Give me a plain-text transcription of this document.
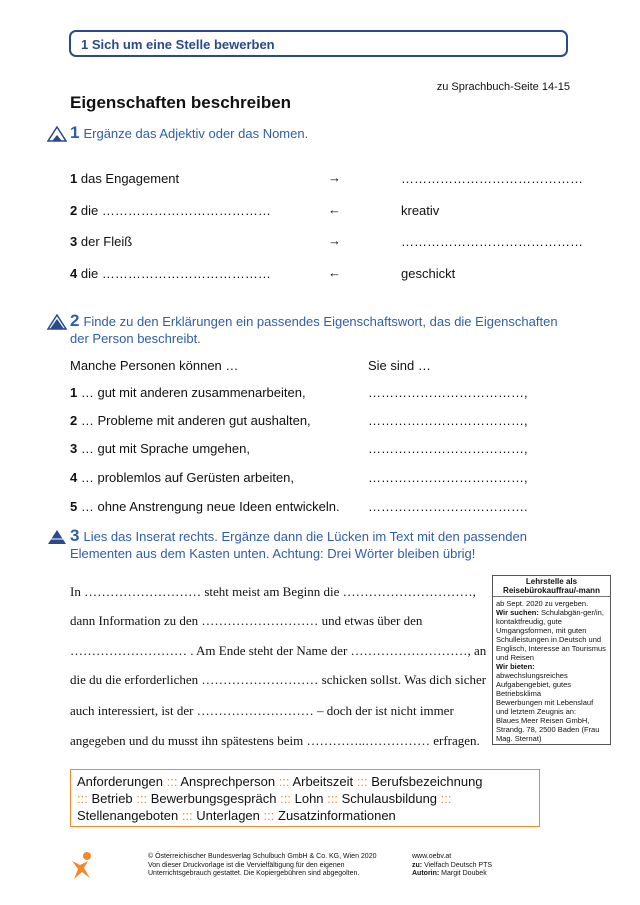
1 Sich um eine Stelle bewerben
zu Sprachbuch-Seite 14-15
Eigenschaften beschreiben
1 Ergänze das Adjektiv oder das Nomen.
1 das Engagement	→	……………………………………
2 die …………………………………	←	kreativ
3 der Fleiß	→	……………………………………
4 die …………………………………	←	geschickt
2 Finde zu den Erklärungen ein passendes Eigenschaftswort, das die Eigenschaften
der Person beschreibt.
Manche Personen können …	Sie sind …
1 … gut mit anderen zusammenarbeiten,	………………………………,
2 … Probleme mit anderen gut aushalten,	………………………………,
3 … gut mit Sprache umgehen,	………………………………,
4 … problemlos auf Gerüsten arbeiten,	………………………………,
5 … ohne Anstrengung neue Ideen entwickeln. ……………………………….
3 Lies das Inserat rechts. Ergänze dann die Lücken im Text mit den passenden
Elementen aus dem Kasten unten. Achtung: Drei Wörter bleiben übrig!
In ……………………… steht meist am Beginn die …………………………,
dann Information zu den ……………………… und etwas über den
……………………… . Am Ende steht der Name der ………………………, an
die du die erforderlichen ……………………… schicken sollst. Was dich sicher
auch interessiert, ist der ……………………… – doch der ist nicht immer
angegeben und du musst ihn spätestens beim …………..…………… erfragen.
Lehrstelle als
Reisebürokauffrau/-mann
ab Sept. 2020 zu vergeben.
Wir suchen: Schulabgän-ger/in, kontaktfreudig, gute Umgangsformen, mit guten Schulleistungen in Deutsch und Englisch, Interesse an Tourismus und Reisen
Wir bieten:
abwechslungsreiches Aufgabengebiet, gutes Betriebsklima
Bewerbungen mit Lebenslauf und letztem Zeugnis an:
Blaues Meer Reisen GmbH, Strandg. 78, 2500 Baden (Frau Mag. Sternat)
Anforderungen ::: Ansprechperson ::: Arbeitszeit ::: Berufsbezeichnung
::: Betrieb ::: Bewerbungsgespräch ::: Lohn ::: Schulausbildung :::
Stellenangeboten ::: Unterlagen ::: Zusatzinformationen
© Österreichischer Bundesverlag Schulbuch GmbH & Co. KG, Wien 2020
Von dieser Druckvorlage ist die Vervielfältigung für den eigenen
Unterrichtsgebrauch gestattet. Die Kopiergebühren sind abgegolten.
www.oebv.at
zu: Vielfach Deutsch PTS
Autorin: Margit Doubek
